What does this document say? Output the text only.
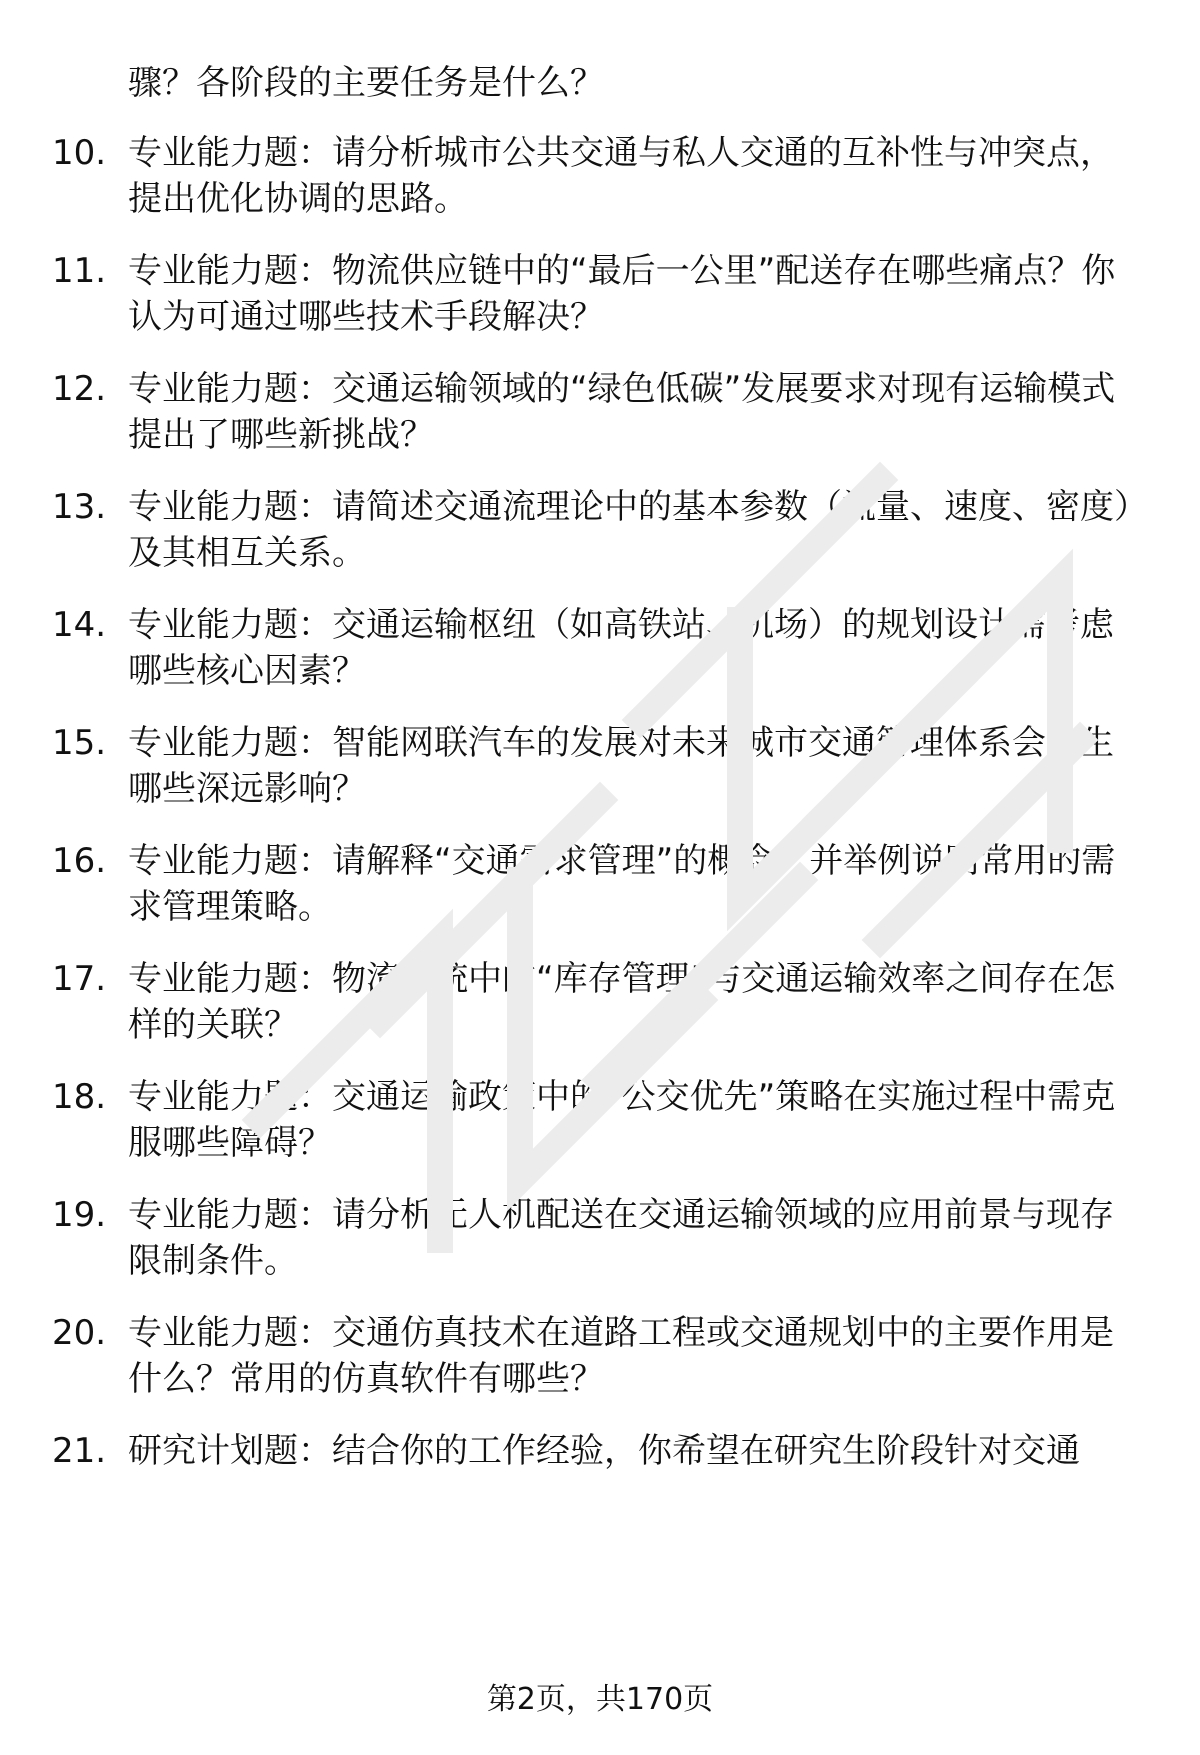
骤？各阶段的主要任务是什么？
10. 专业能力题：请分析城市公共交通与私人交通的互补性与冲突点，提出优化协调的思路。
11. 专业能力题：物流供应链中的“最后一公里”配送存在哪些痛点？你认为可通过哪些技术手段解决？
12. 专业能力题：交通运输领域的“绿色低碳”发展要求对现有运输模式提出了哪些新挑战？
13. 专业能力题：请简述交通流理论中的基本参数（流量、速度、密度）及其相互关系。
14. 专业能力题：交通运输枢纽（如高铁站、机场）的规划设计需考虑哪些核心因素？
15. 专业能力题：智能网联汽车的发展对未来城市交通管理体系会产生哪些深远影响？
16. 专业能力题：请解释“交通需求管理”的概念，并举例说明常用的需求管理策略。
17. 专业能力题：物流系统中的“库存管理”与交通运输效率之间存在怎样的关联？
18. 专业能力题：交通运输政策中的“公交优先”策略在实施过程中需克服哪些障碍？
19. 专业能力题：请分析无人机配送在交通运输领域的应用前景与现存限制条件。
20. 专业能力题：交通仿真技术在道路工程或交通规划中的主要作用是什么？常用的仿真软件有哪些？
21. 研究计划题：结合你的工作经验，你希望在研究生阶段针对交通
第2页，共170页
